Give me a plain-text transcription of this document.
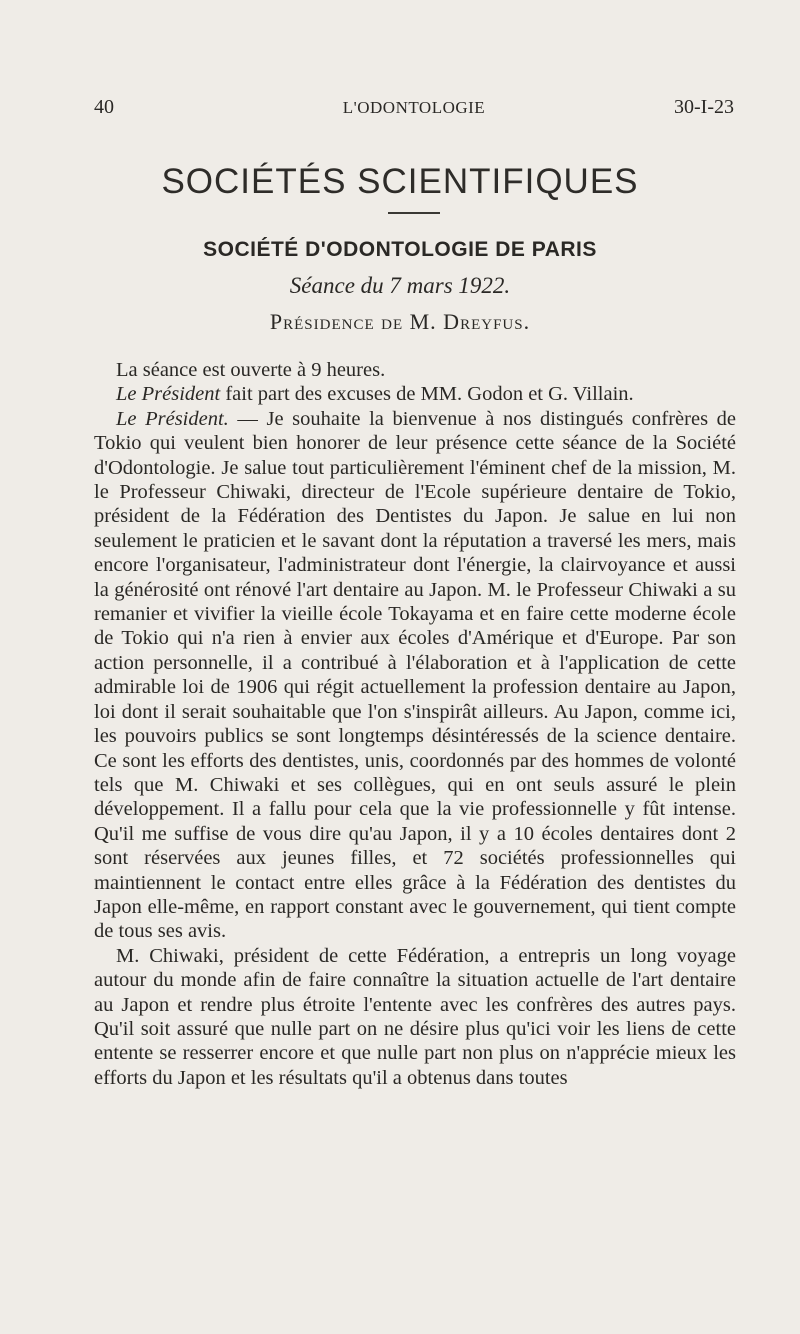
40	L'ODONTOLOGIE	30-I-23
SOCIÉTÉS SCIENTIFIQUES
SOCIÉTÉ D'ODONTOLOGIE DE PARIS
Séance du 7 mars 1922.
Présidence de M. Dreyfus.

La séance est ouverte à 9 heures.

Le Président fait part des excuses de MM. Godon et G. Villain.

Le Président. — Je souhaite la bienvenue à nos distingués confrères de Tokio qui veulent bien honorer de leur présence cette séance de la Société d'Odontologie. Je salue tout particulièrement l'éminent chef de la mission, M. le Professeur Chiwaki, directeur de l'Ecole supérieure dentaire de Tokio, président de la Fédération des Dentistes du Japon. Je salue en lui non seulement le praticien et le savant dont la réputation a traversé les mers, mais encore l'organisateur, l'administrateur dont l'énergie, la clairvoyance et aussi la générosité ont rénové l'art dentaire au Japon. M. le Professeur Chiwaki a su remanier et vivifier la vieille école Tokayama et en faire cette moderne école de Tokio qui n'a rien à envier aux écoles d'Amérique et d'Europe. Par son action personnelle, il a contribué à l'élaboration et à l'application de cette admirable loi de 1906 qui régit actuellement la profession dentaire au Japon, loi dont il serait souhaitable que l'on s'inspirât ailleurs. Au Japon, comme ici, les pouvoirs publics se sont longtemps désintéressés de la science dentaire. Ce sont les efforts des dentistes, unis, coordonnés par des hommes de volonté tels que M. Chiwaki et ses collègues, qui en ont seuls assuré le plein développement. Il a fallu pour cela que la vie professionnelle y fût intense. Qu'il me suffise de vous dire qu'au Japon, il y a 10 écoles dentaires dont 2 sont réservées aux jeunes filles, et 72 sociétés professionnelles qui maintiennent le contact entre elles grâce à la Fédération des dentistes du Japon elle-même, en rapport constant avec le gouvernement, qui tient compte de tous ses avis.

M. Chiwaki, président de cette Fédération, a entrepris un long voyage autour du monde afin de faire connaître la situation actuelle de l'art dentaire au Japon et rendre plus étroite l'entente avec les confrères des autres pays. Qu'il soit assuré que nulle part on ne désire plus qu'ici voir les liens de cette entente se resserrer encore et que nulle part non plus on n'apprécie mieux les efforts du Japon et les résultats qu'il a obtenus dans toutes
